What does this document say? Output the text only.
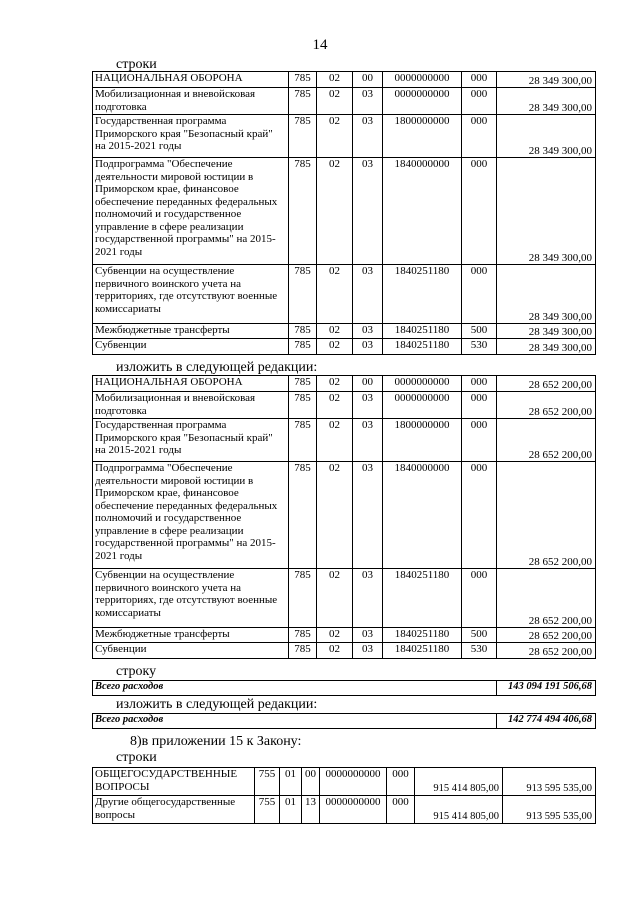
14
строки
НАЦИОНАЛЬНАЯ ОБОРОНА	785	02	00	0000000000	000	28 349 300,00
Мобилизационная и вневойсковая подготовка	785	02	03	0000000000	000	28 349 300,00
Государственная программа Приморского края "Безопасный край" на 2015-2021 годы	785	02	03	1800000000	000	28 349 300,00
Подпрограмма "Обеспечение деятельности мировой юстиции в Приморском крае, финансовое обеспечение переданных федеральных полномочий и государственное управление в сфере реализации государственной программы" на 2015-2021 годы	785	02	03	1840000000	000	28 349 300,00
Субвенции на осуществление первичного воинского учета на территориях, где отсутствуют военные комиссариаты	785	02	03	1840251180	000	28 349 300,00
Межбюджетные трансферты	785	02	03	1840251180	500	28 349 300,00
Субвенции	785	02	03	1840251180	530	28 349 300,00
изложить в следующей редакции:
НАЦИОНАЛЬНАЯ ОБОРОНА	785	02	00	0000000000	000	28 652 200,00
Мобилизационная и вневойсковая подготовка	785	02	03	0000000000	000	28 652 200,00
Государственная программа Приморского края "Безопасный край" на 2015-2021 годы	785	02	03	1800000000	000	28 652 200,00
Подпрограмма "Обеспечение деятельности мировой юстиции в Приморском крае, финансовое обеспечение переданных федеральных полномочий и государственное управление в сфере реализации государственной программы" на 2015-2021 годы	785	02	03	1840000000	000	28 652 200,00
Субвенции на осуществление первичного воинского учета на территориях, где отсутствуют военные комиссариаты	785	02	03	1840251180	000	28 652 200,00
Межбюджетные трансферты	785	02	03	1840251180	500	28 652 200,00
Субвенции	785	02	03	1840251180	530	28 652 200,00
строку
Всего расходов	143 094 191 506,68
изложить в следующей редакции:
Всего расходов	142 774 494 406,68
8)в приложении 15 к Закону:
строки
ОБЩЕГОСУДАРСТВЕННЫЕ ВОПРОСЫ	755	01	00	0000000000	000	915 414 805,00	913 595 535,00
Другие общегосударственные вопросы	755	01	13	0000000000	000	915 414 805,00	913 595 535,00
